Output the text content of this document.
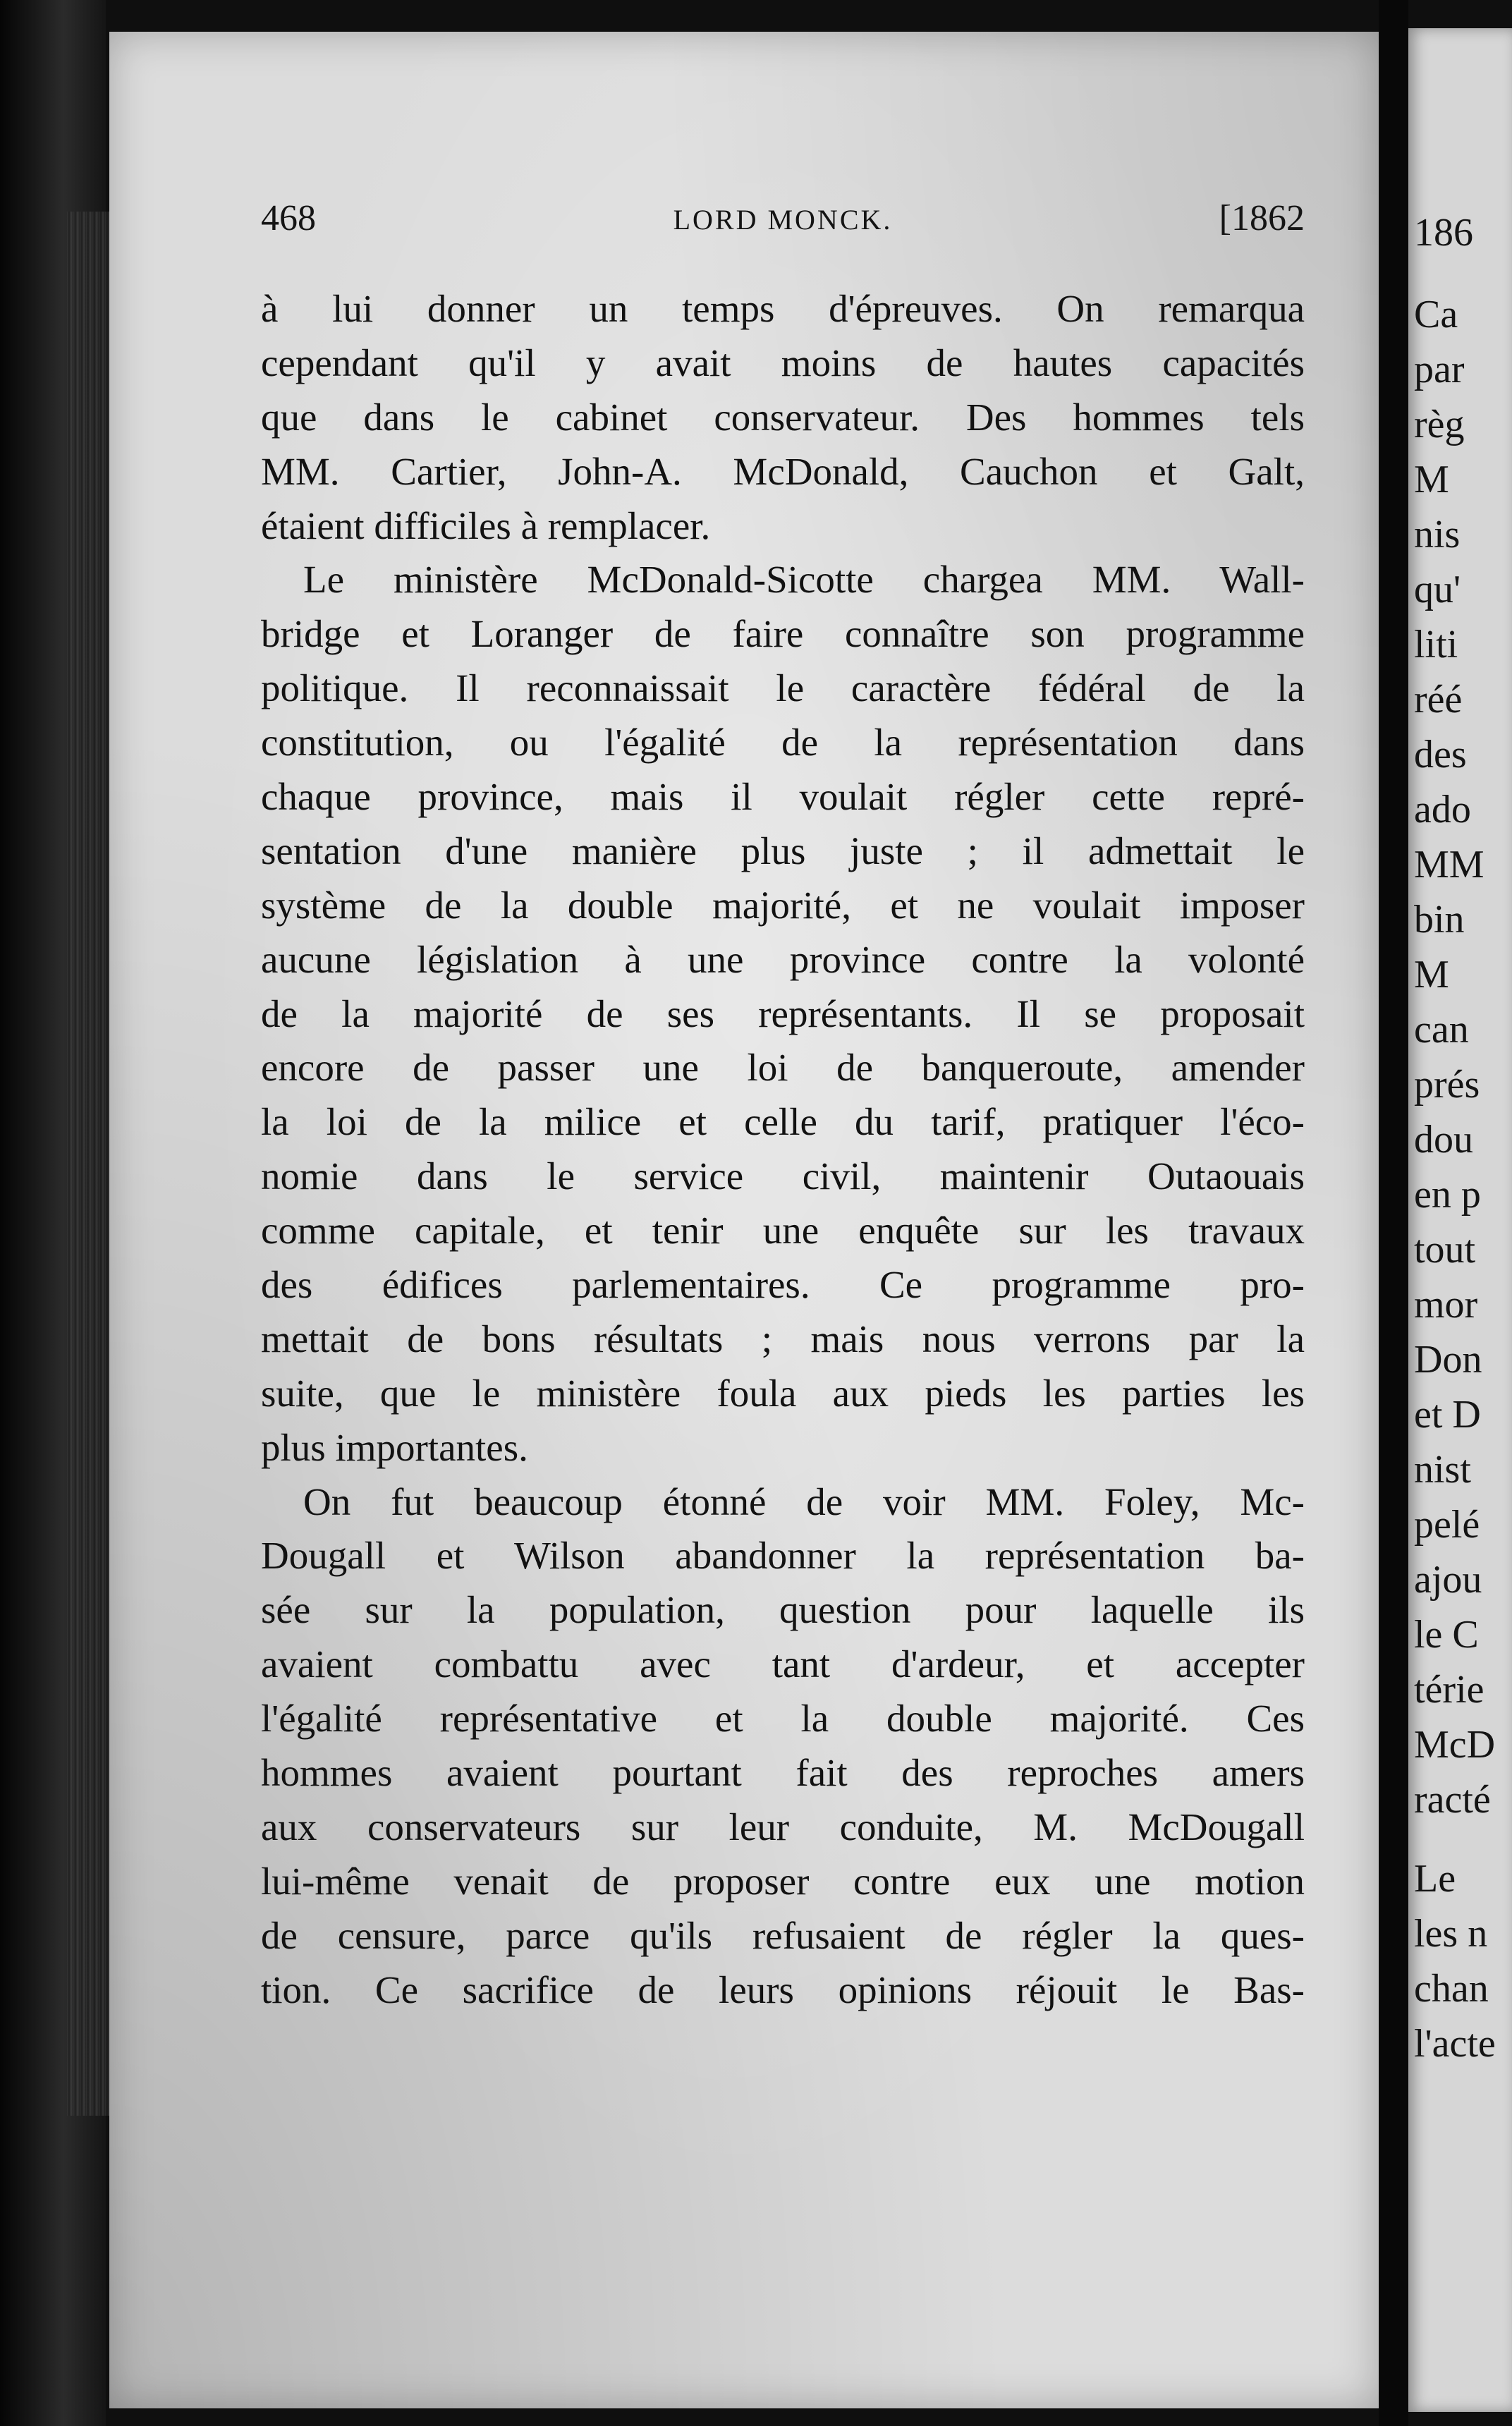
468	LORD MONCK.	[1862
à lui donner un temps d'épreuves. On remarqua
cependant qu'il y avait moins de hautes capacités
que dans le cabinet conservateur. Des hommes tels
MM. Cartier, John-A. McDonald, Cauchon et Galt,
étaient difficiles à remplacer.
Le ministère McDonald-Sicotte chargea MM. Wall-
bridge et Loranger de faire connaître son programme
politique. Il reconnaissait le caractère fédéral de la
constitution, ou l'égalité de la représentation dans
chaque province, mais il voulait régler cette repré-
sentation d'une manière plus juste ; il admettait le
système de la double majorité, et ne voulait imposer
aucune législation à une province contre la volonté
de la majorité de ses représentants. Il se proposait
encore de passer une loi de banqueroute, amender
la loi de la milice et celle du tarif, pratiquer l'éco-
nomie dans le service civil, maintenir Outaouais
comme capitale, et tenir une enquête sur les travaux
des édifices parlementaires. Ce programme pro-
mettait de bons résultats ; mais nous verrons par la
suite, que le ministère foula aux pieds les parties les
plus importantes.
On fut beaucoup étonné de voir MM. Foley, Mc-
Dougall et Wilson abandonner la représentation ba-
sée sur la population, question pour laquelle ils
avaient combattu avec tant d'ardeur, et accepter
l'égalité représentative et la double majorité. Ces
hommes avaient pourtant fait des reproches amers
aux conservateurs sur leur conduite, M. McDougall
lui-même venait de proposer contre eux une motion
de censure, parce qu'ils refusaient de régler la ques-
tion. Ce sacrifice de leurs opinions réjouit le Bas-
186
Ca
par
règ
M
nis
qu'
liti
réé
des
ado
MM
bin
M
can
prés
dou
en p
tout
mor
Don
et D
nist
pelé
ajou
le C
térie
McD
racté
Le
les n
chan
l'acte
